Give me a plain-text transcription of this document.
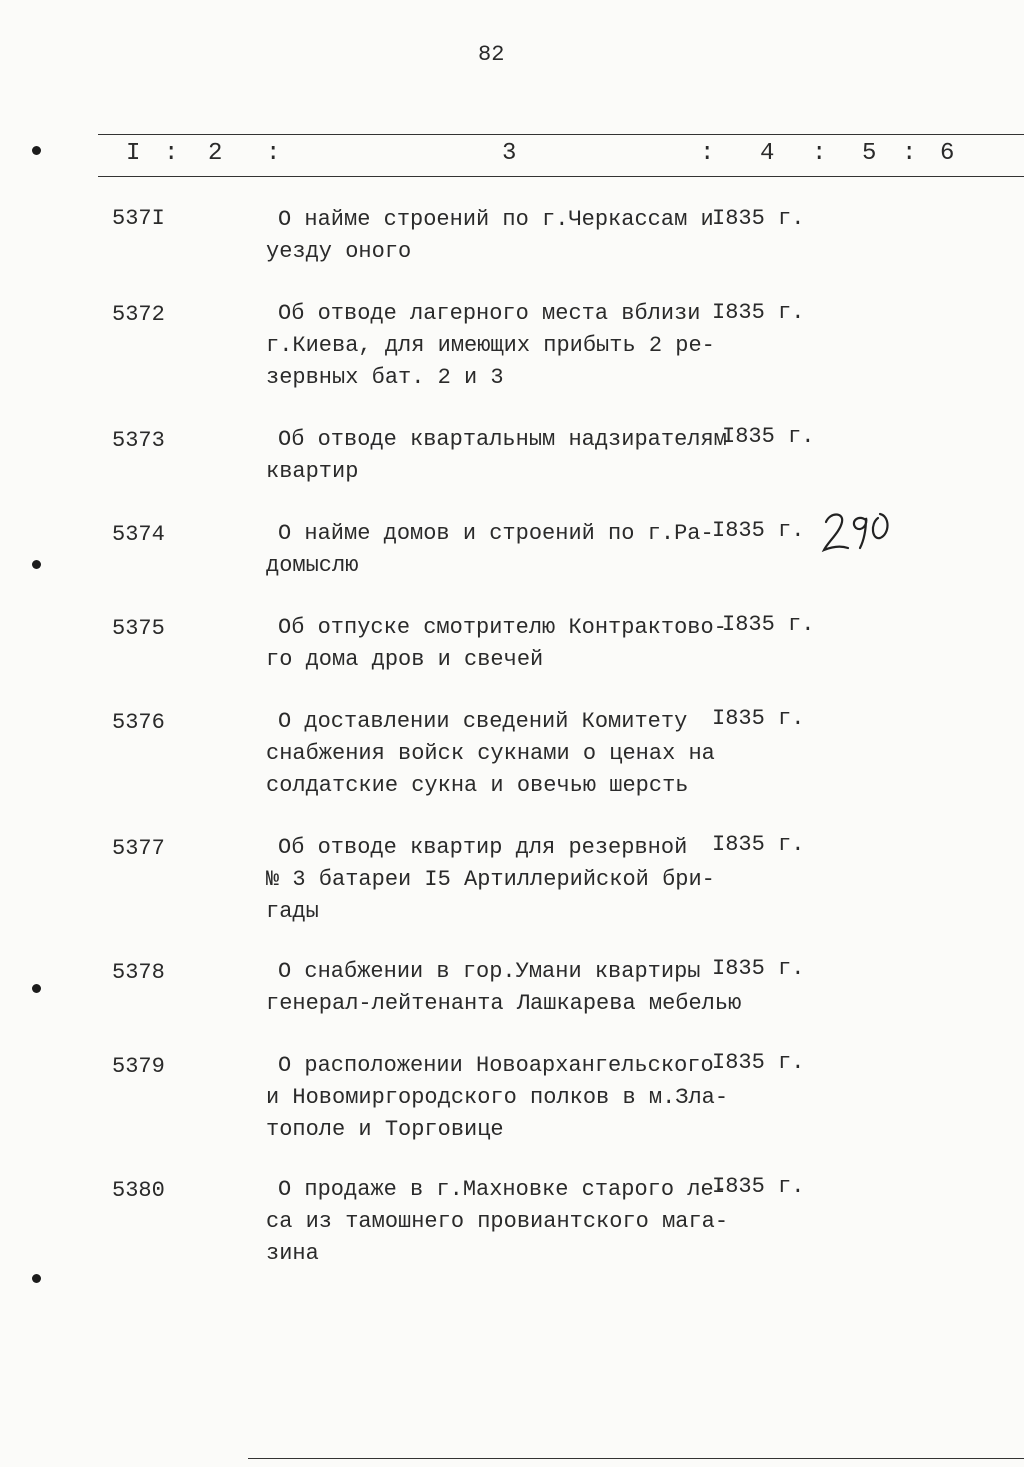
82
I : 2 :	3	: 4 : 5 : 6
537I	О найме строений по г.Черкассам и
уезду оного
I835 г.
5372	Об отводе лагерного места вблизи
г.Киева, для имеющих прибыть 2 ре-
зервных бат. 2 и 3
I835 г.
5373	Об отводе квартальным надзирателям
квартир
I835 г.
5374	О найме домов и строений по г.Ра-
домыслю
I835 г.
5375	Об отпуске смотрителю Контрактово-
го дома дров и свечей
I835 г.
5376	О доставлении сведений Комитету
снабжения войск сукнами о ценах на
солдатские сукна и овечью шерсть
I835 г.
5377	Об отводе квартир для резервной
№ 3 батареи I5 Артиллерийской бри-
гады
I835 г.
5378	О снабжении в гор.Умани квартиры
генерал-лейтенанта Лашкарева мебелью
I835 г.
5379	О расположении Новоархангельского
и Новомиргородского полков в м.Зла-
тополе и Торговице
I835 г.
5380	О продаже в г.Махновке старого ле-
са из тамошнего провиантского мага-
зина
I835 г.
